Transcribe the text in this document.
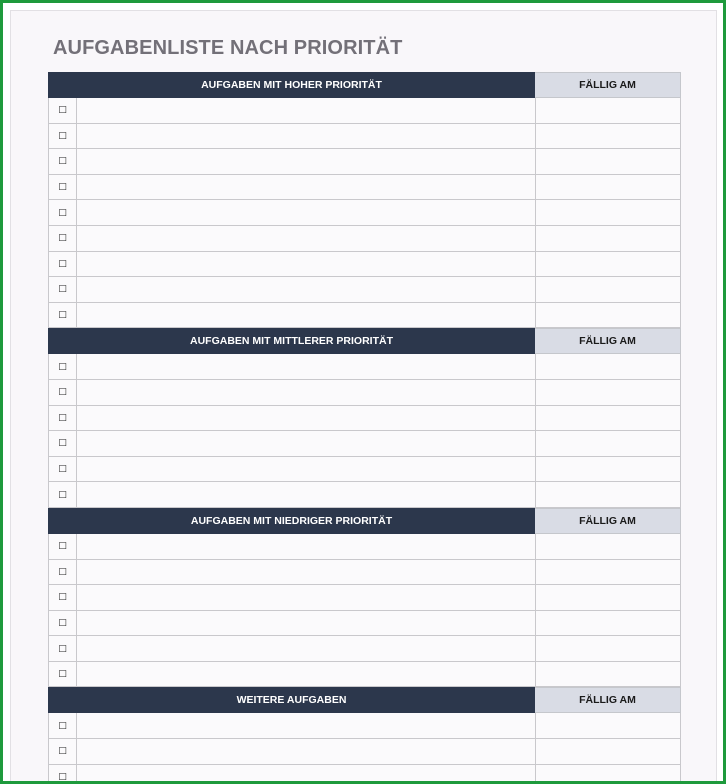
AUFGABENLISTE NACH PRIORITÄT
AUFGABEN MIT HOHER PRIORITÄT	FÄLLIG AM
□
□
□
□
□
□
□
□
□
AUFGABEN MIT MITTLERER PRIORITÄT	FÄLLIG AM
□
□
□
□
□
□
AUFGABEN MIT NIEDRIGER PRIORITÄT	FÄLLIG AM
□
□
□
□
□
□
WEITERE AUFGABEN	FÄLLIG AM
□
□
□
